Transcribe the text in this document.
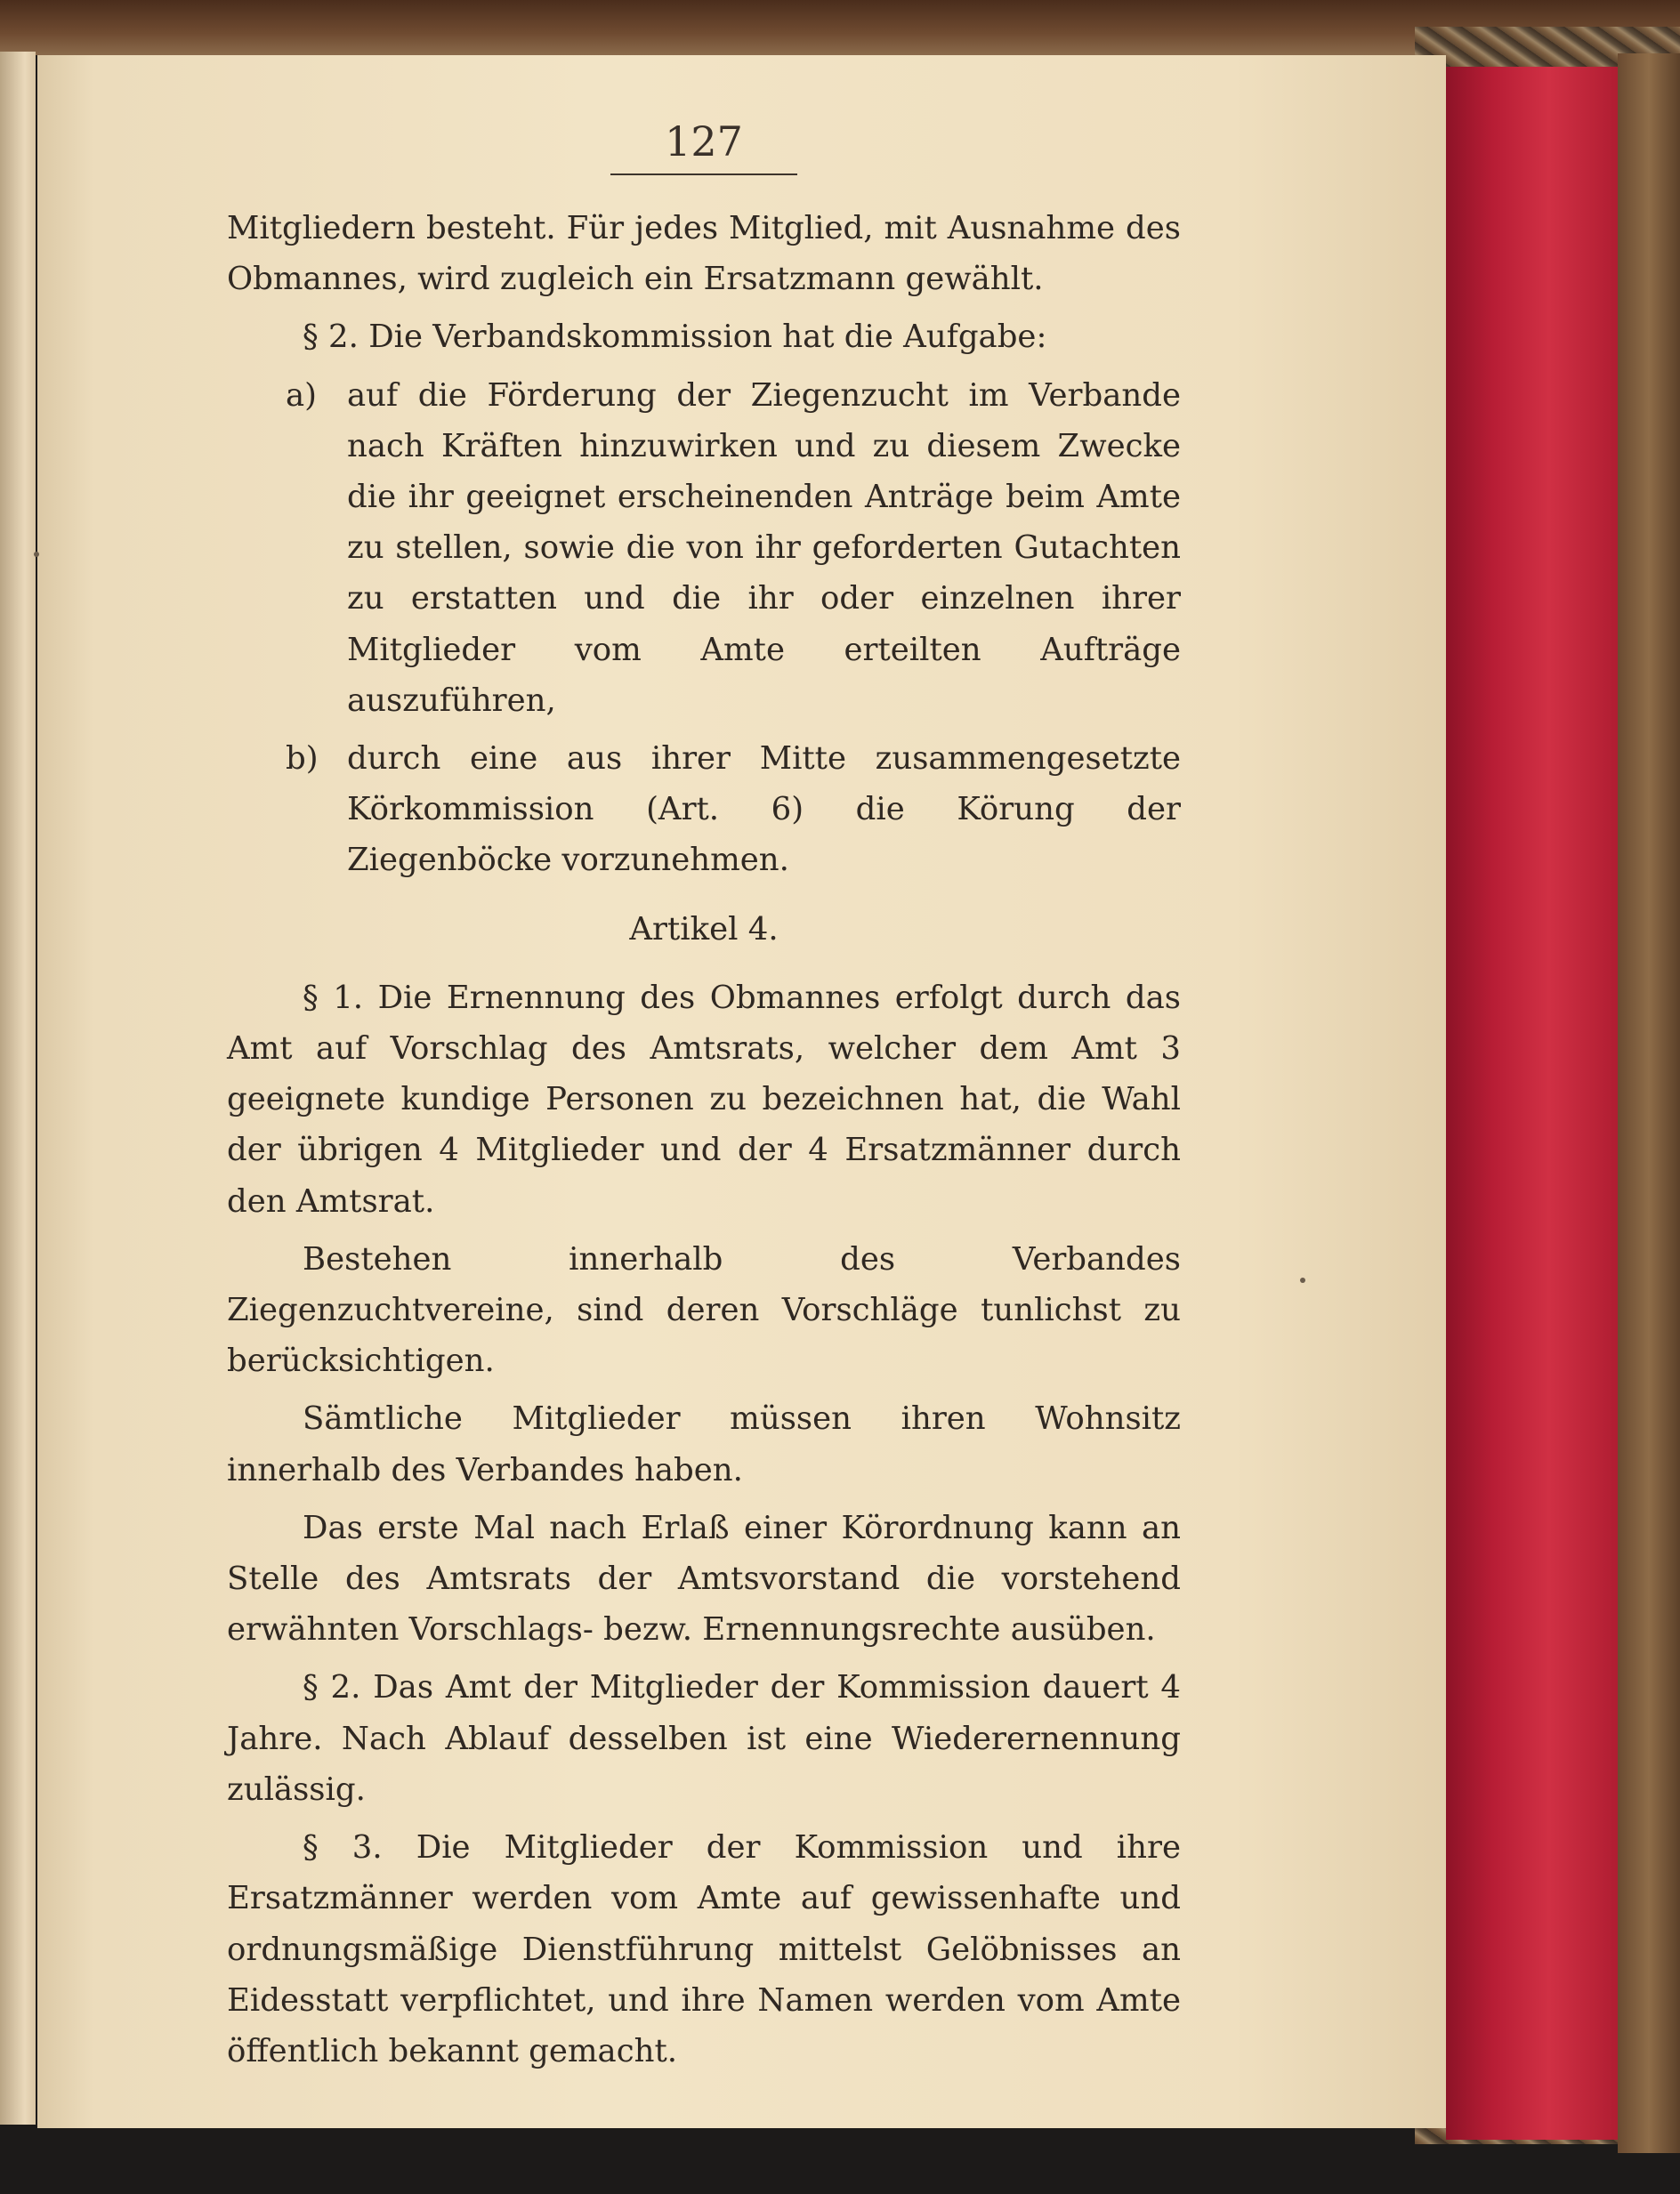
127
Mitgliedern besteht. Für jedes Mitglied, mit Ausnahme des Obmannes, wird zugleich ein Ersatzmann gewählt.
§ 2. Die Verbandskommission hat die Aufgabe:
a) auf die Förderung der Ziegenzucht im Verbande nach Kräften hinzuwirken und zu diesem Zwecke die ihr geeignet erscheinenden Anträge beim Amte zu stellen, sowie die von ihr geforderten Gutachten zu erstatten und die ihr oder einzelnen ihrer Mitglieder vom Amte erteilten Aufträge auszuführen,
b) durch eine aus ihrer Mitte zusammengesetzte Körkommission (Art. 6) die Körung der Ziegenböcke vorzunehmen.
Artikel 4.
§ 1. Die Ernennung des Obmannes erfolgt durch das Amt auf Vorschlag des Amtsrats, welcher dem Amt 3 geeignete kundige Personen zu bezeichnen hat, die Wahl der übrigen 4 Mitglieder und der 4 Ersatzmänner durch den Amtsrat.
Bestehen innerhalb des Verbandes Ziegenzuchtvereine, sind deren Vorschläge tunlichst zu berücksichtigen.
Sämtliche Mitglieder müssen ihren Wohnsitz innerhalb des Verbandes haben.
Das erste Mal nach Erlaß einer Körordnung kann an Stelle des Amtsrats der Amtsvorstand die vorstehend erwähnten Vorschlags- bezw. Ernennungsrechte ausüben.
§ 2. Das Amt der Mitglieder der Kommission dauert 4 Jahre. Nach Ablauf desselben ist eine Wiederernennung zulässig.
§ 3. Die Mitglieder der Kommission und ihre Ersatzmänner werden vom Amte auf gewissenhafte und ordnungsmäßige Dienstführung mittelst Gelöbnisses an Eidesstatt verpflichtet, und ihre Namen werden vom Amte öffentlich bekannt gemacht.
